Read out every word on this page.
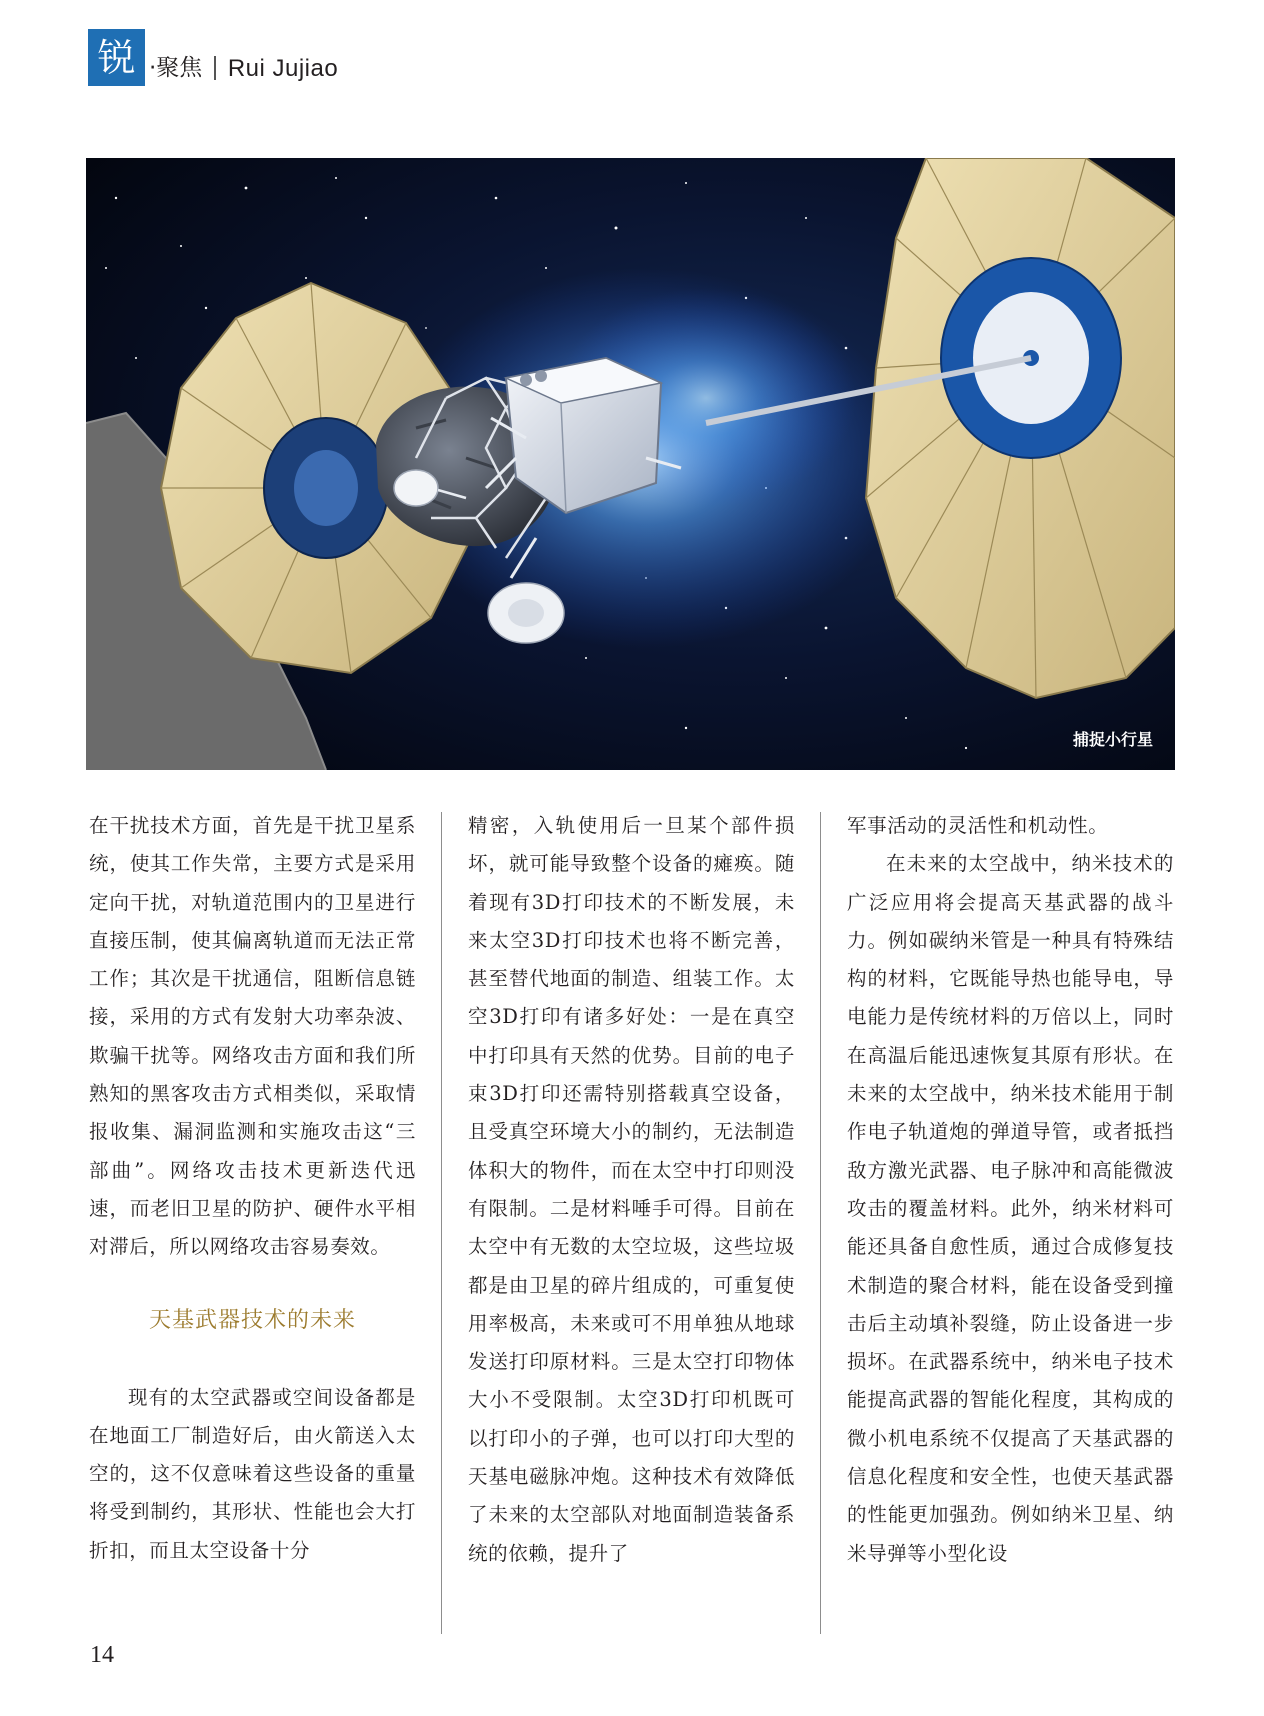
锐 ·聚焦 Rui Jujiao
捕捉小行星

在干扰技术方面，首先是干扰卫星系统，使其工作失常，主要方式是采用定向干扰，对轨道范围内的卫星进行直接压制，使其偏离轨道而无法正常工作；其次是干扰通信，阻断信息链接，采用的方式有发射大功率杂波、欺骗干扰等。网络攻击方面和我们所熟知的黑客攻击方式相类似，采取情报收集、漏洞监测和实施攻击这“三部曲”。网络攻击技术更新迭代迅速，而老旧卫星的防护、硬件水平相对滞后，所以网络攻击容易奏效。

天基武器技术的未来

现有的太空武器或空间设备都是在地面工厂制造好后，由火箭送入太空的，这不仅意味着这些设备的重量将受到制约，其形状、性能也会大打折扣，而且太空设备十分

精密，入轨使用后一旦某个部件损坏，就可能导致整个设备的瘫痪。随着现有3D打印技术的不断发展，未来太空3D打印技术也将不断完善，甚至替代地面的制造、组装工作。太空3D打印有诸多好处：一是在真空中打印具有天然的优势。目前的电子束3D打印还需特别搭载真空设备，且受真空环境大小的制约，无法制造体积大的物件，而在太空中打印则没有限制。二是材料唾手可得。目前在太空中有无数的太空垃圾，这些垃圾都是由卫星的碎片组成的，可重复使用率极高，未来或可不用单独从地球发送打印原材料。三是太空打印物体大小不受限制。太空3D打印机既可以打印小的子弹，也可以打印大型的天基电磁脉冲炮。这种技术有效降低了未来的太空部队对地面制造装备系统的依赖，提升了

军事活动的灵活性和机动性。

在未来的太空战中，纳米技术的广泛应用将会提高天基武器的战斗力。例如碳纳米管是一种具有特殊结构的材料，它既能导热也能导电，导电能力是传统材料的万倍以上，同时在高温后能迅速恢复其原有形状。在未来的太空战中，纳米技术能用于制作电子轨道炮的弹道导管，或者抵挡敌方激光武器、电子脉冲和高能微波攻击的覆盖材料。此外，纳米材料可能还具备自愈性质，通过合成修复技术制造的聚合材料，能在设备受到撞击后主动填补裂缝，防止设备进一步损坏。在武器系统中，纳米电子技术能提高武器的智能化程度，其构成的微小机电系统不仅提高了天基武器的信息化程度和安全性，也使天基武器的性能更加强劲。例如纳米卫星、纳米导弹等小型化设

14
